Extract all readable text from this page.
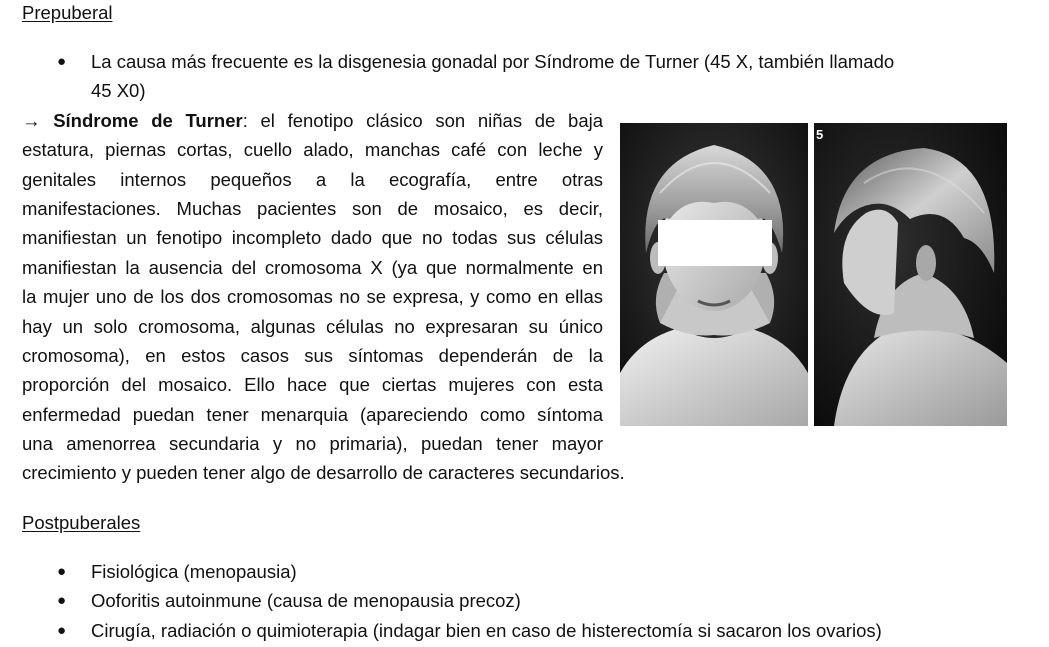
Prepuberal
●	La causa más frecuente es la disgenesia gonadal por Síndrome de Turner (45 X, también llamado
45 X0)
→ Síndrome de Turner: el fenotipo clásico son niñas de baja
estatura, piernas cortas, cuello alado, manchas café con leche y
genitales internos pequeños a la ecografía, entre otras
manifestaciones. Muchas pacientes son de mosaico, es decir,
manifiestan un fenotipo incompleto dado que no todas sus células
manifiestan la ausencia del cromosoma X (ya que normalmente en
la mujer uno de los dos cromosomas no se expresa, y como en ellas
hay un solo cromosoma, algunas células no expresaran su único
cromosoma), en estos casos sus síntomas dependerán de la
proporción del mosaico. Ello hace que ciertas mujeres con esta
enfermedad puedan tener menarquia (apareciendo como síntoma
una amenorrea secundaria y no primaria), puedan tener mayor
crecimiento y pueden tener algo de desarrollo de caracteres secundarios.
5
Postpuberales
●	Fisiológica (menopausia)
●	Ooforitis autoinmune (causa de menopausia precoz)
●	Cirugía, radiación o quimioterapia (indagar bien en caso de histerectomía si sacaron los ovarios)
